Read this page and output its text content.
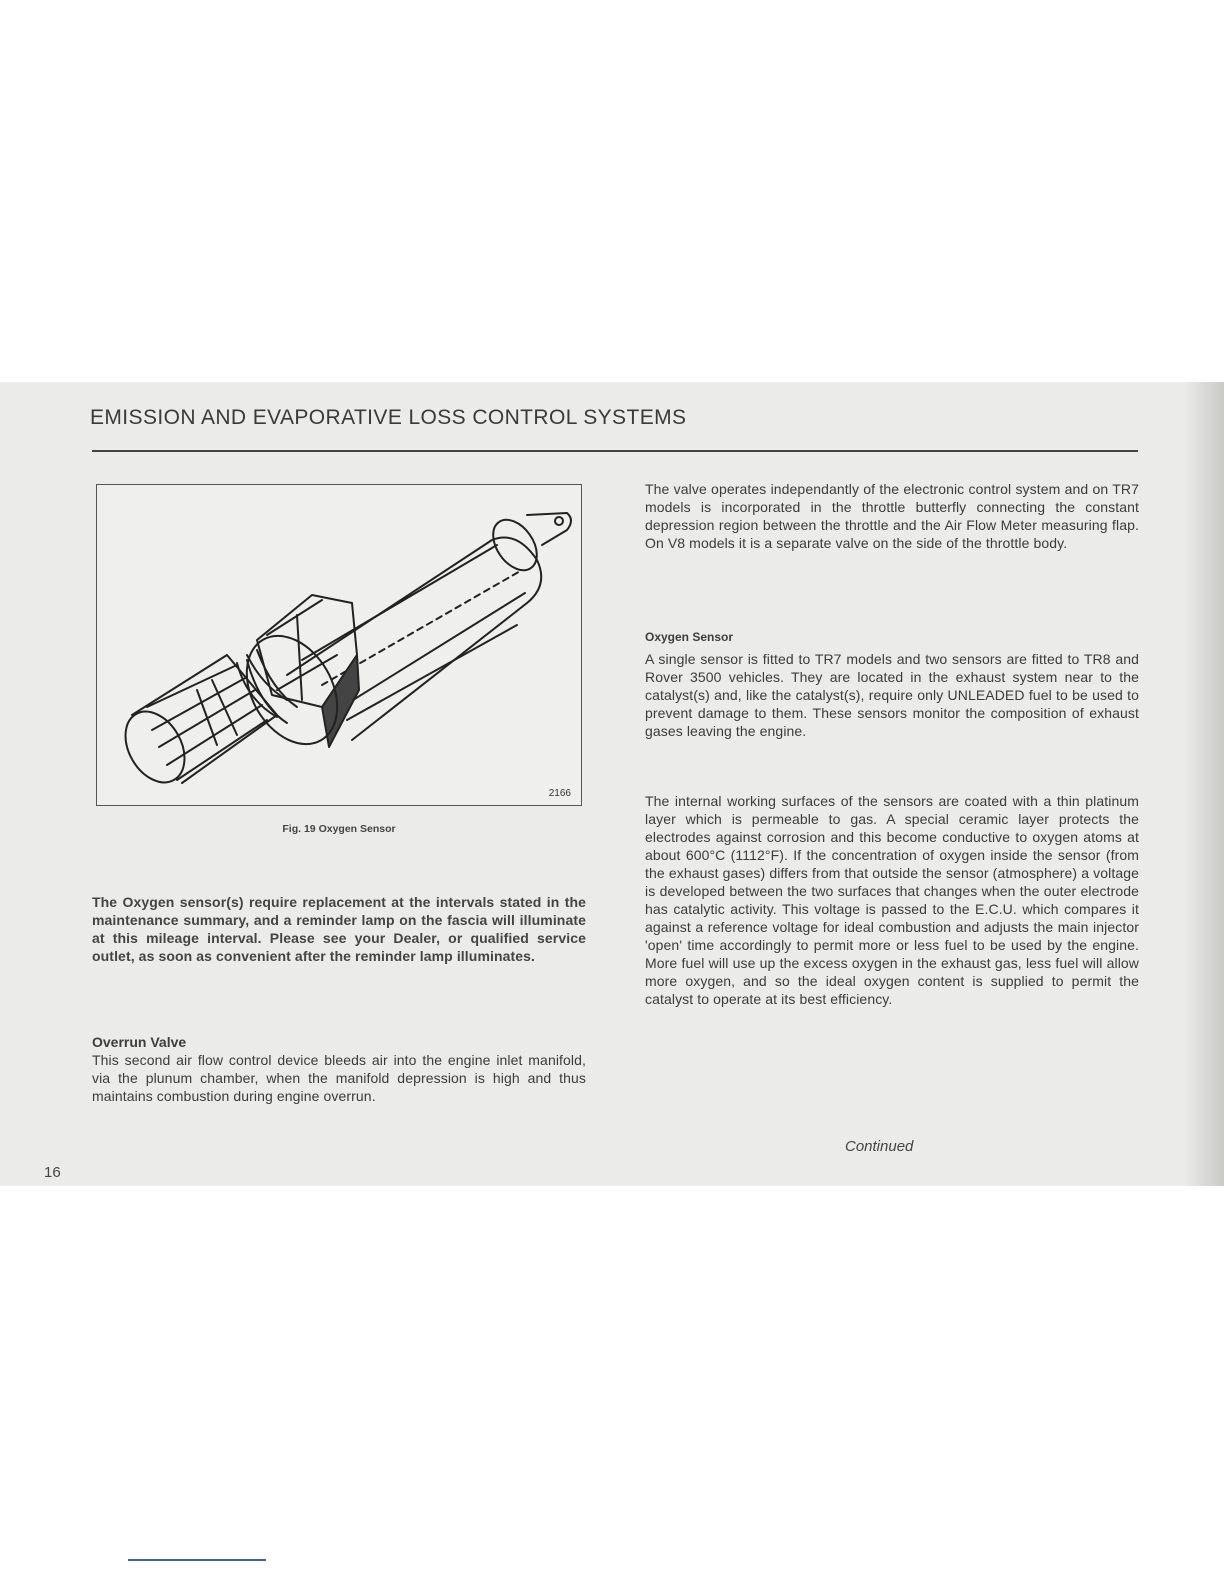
EMISSION AND EVAPORATIVE LOSS CONTROL SYSTEMS
2166
Fig. 19 Oxygen Sensor

The Oxygen sensor(s) require replacement at the intervals stated in the maintenance summary, and a reminder lamp on the fascia will illuminate at this mileage interval. Please see your Dealer, or qualified service outlet, as soon as convenient after the reminder lamp illuminates.

Overrun Valve

This second air flow control device bleeds air into the engine inlet manifold, via the plunum chamber, when the manifold depression is high and thus maintains combustion during engine overrun.

The valve operates independantly of the electronic control system and on TR7 models is incorporated in the throttle butterfly connecting the constant depression region between the throttle and the Air Flow Meter measuring flap. On V8 models it is a separate valve on the side of the throttle body.

Oxygen Sensor

A single sensor is fitted to TR7 models and two sensors are fitted to TR8 and Rover 3500 vehicles. They are located in the exhaust system near to the catalyst(s) and, like the catalyst(s), require only UNLEADED fuel to be used to prevent damage to them. These sensors monitor the composition of exhaust gases leaving the engine.

The internal working surfaces of the sensors are coated with a thin platinum layer which is permeable to gas. A special ceramic layer protects the electrodes against corrosion and this become conductive to oxygen atoms at about 600°C (1112°F). If the concentration of oxygen inside the sensor (from the exhaust gases) differs from that outside the sensor (atmosphere) a voltage is developed between the two surfaces that changes when the outer electrode has catalytic activity. This voltage is passed to the E.C.U. which compares it against a reference voltage for ideal combustion and adjusts the main injector 'open' time accordingly to permit more or less fuel to be used by the engine. More fuel will use up the excess oxygen in the exhaust gas, less fuel will allow more oxygen, and so the ideal oxygen content is supplied to permit the catalyst to operate at its best efficiency.

Continued
16
